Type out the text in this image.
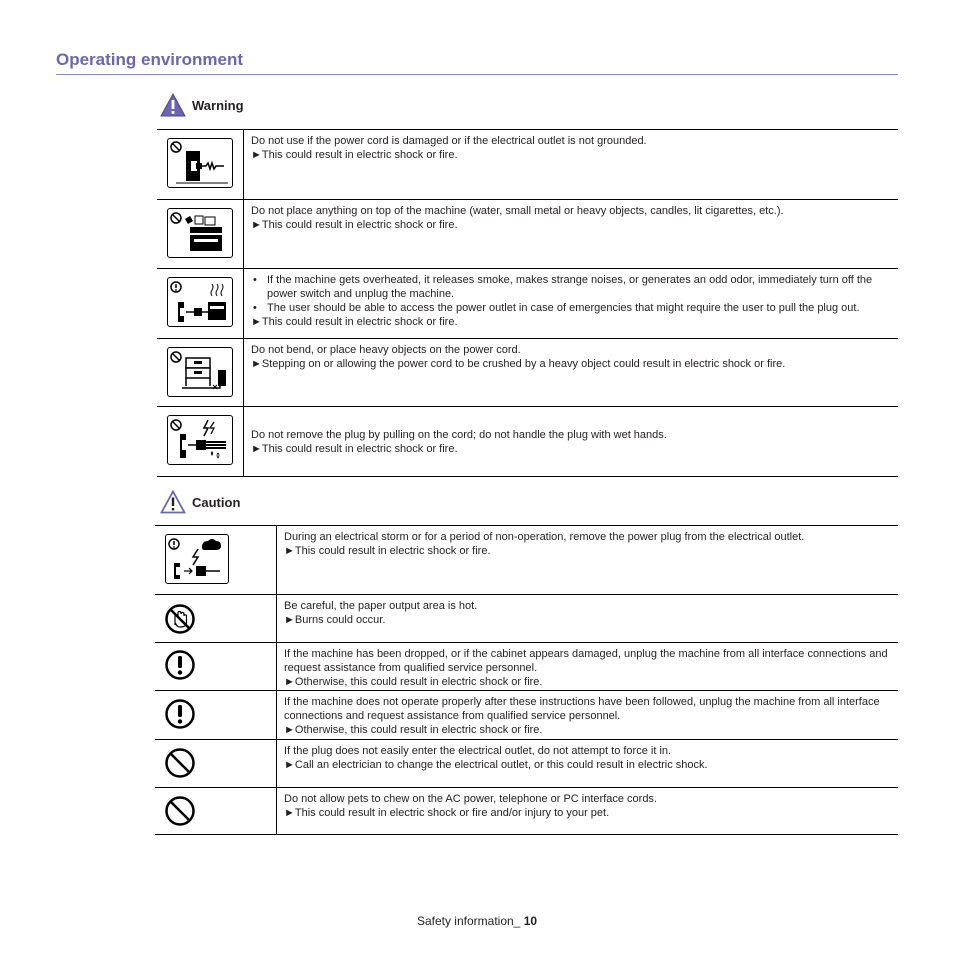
Operating environment
Warning

Do not use if the power cord is damaged or if the electrical outlet is not grounded.

►This could result in electric shock or fire.

Do not place anything on top of the machine (water, small metal or heavy objects, candles, lit cigarettes, etc.).

►This could result in electric shock or fire.

• If the machine gets overheated, it releases smoke, makes strange noises, or generates an odd odor, immediately turn off the power switch and unplug the machine.
• The user should be able to access the power outlet in case of emergencies that might require the user to pull the plug out.

►This could result in electric shock or fire.

Do not bend, or place heavy objects on the power cord.

►Stepping on or allowing the power cord to be crushed by a heavy object could result in electric shock or fire.

Do not remove the plug by pulling on the cord; do not handle the plug with wet hands.

►This could result in electric shock or fire.

Caution

During an electrical storm or for a period of non-operation, remove the power plug from the electrical outlet.

►This could result in electric shock or fire.

Be careful, the paper output area is hot.

►Burns could occur.

If the machine has been dropped, or if the cabinet appears damaged, unplug the machine from all interface connections and request assistance from qualified service personnel.

►Otherwise, this could result in electric shock or fire.

If the machine does not operate properly after these instructions have been followed, unplug the machine from all interface connections and request assistance from qualified service personnel.

►Otherwise, this could result in electric shock or fire.

If the plug does not easily enter the electrical outlet, do not attempt to force it in.

►Call an electrician to change the electrical outlet, or this could result in electric shock.

Do not allow pets to chew on the AC power, telephone or PC interface cords.

►This could result in electric shock or fire and/or injury to your pet.

Safety information_ 10
